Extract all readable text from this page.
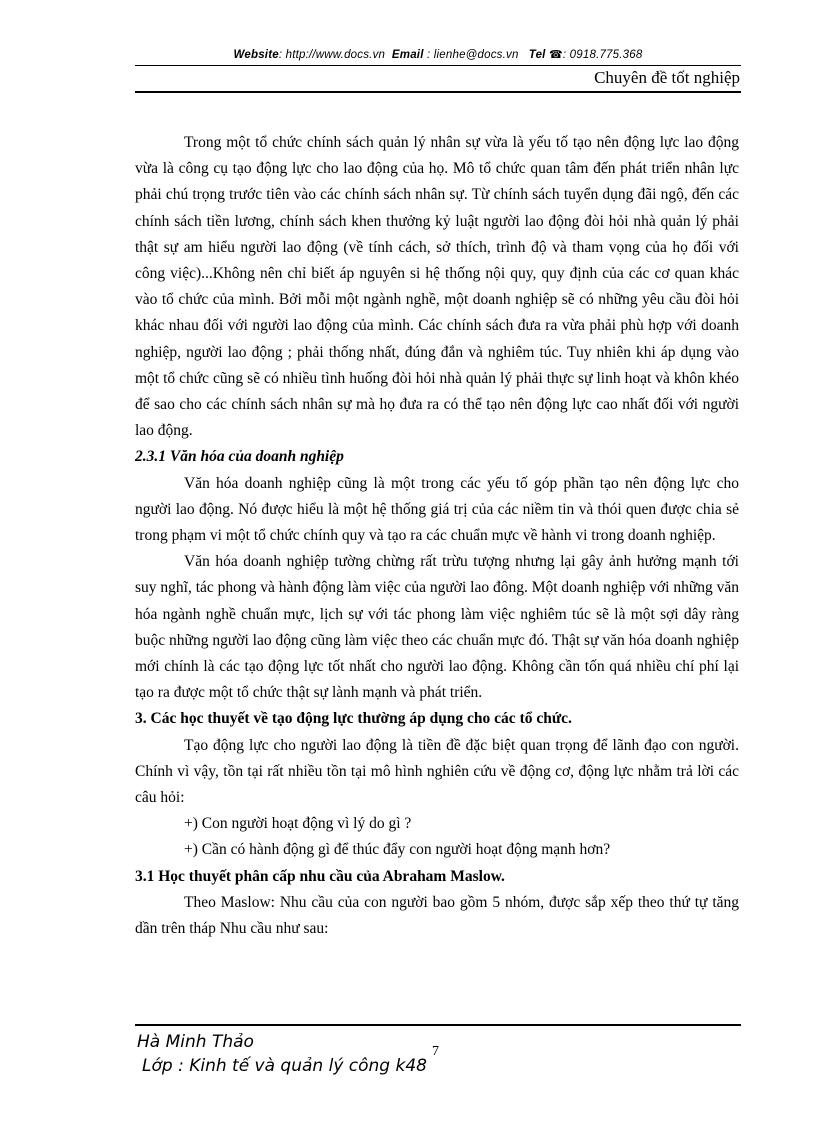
Website: http://www.docs.vn Email : lienhe@docs.vn Tel ☎: 0918.775.368
Chuyên đề tốt nghiệp

Trong một tổ chức chính sách quản lý nhân sự vừa là yếu tố tạo nên động lực lao động vừa là công cụ tạo động lực cho lao động của họ. Mô tổ chức quan tâm đến phát triển nhân lực phải chú trọng trước tiên vào các chính sách nhân sự. Từ chính sách tuyển dụng đãi ngộ, đến các chính sách tiền lương, chính sách khen thưởng kỷ luật người lao động đòi hỏi nhà quản lý phải thật sự am hiểu người lao động (về tính cách, sở thích, trình độ và tham vọng của họ đối với công việc)...Không nên chỉ biết áp nguyên si hệ thống nội quy, quy định của các cơ quan khác vào tổ chức của mình. Bởi mỗi một ngành nghề, một doanh nghiệp sẽ có những yêu cầu đòi hỏi khác nhau đối với người lao động của mình. Các chính sách đưa ra vừa phải phù hợp với doanh nghiệp, người lao động ; phải thống nhất, đúng đắn và nghiêm túc. Tuy nhiên khi áp dụng vào một tổ chức cũng sẽ có nhiều tình huống đòi hỏi nhà quản lý phải thực sự linh hoạt và khôn khéo để sao cho các chính sách nhân sự mà họ đưa ra có thể tạo nên động lực cao nhất đối với người lao động.

2.3.1 Văn hóa của doanh nghiệp

Văn hóa doanh nghiệp cũng là một trong các yếu tố góp phần tạo nên động lực cho người lao động. Nó được hiểu là một hệ thống giá trị của các niềm tin và thói quen được chia sẻ trong phạm vi một tổ chức chính quy và tạo ra các chuẩn mực về hành vi trong doanh nghiệp.

Văn hóa doanh nghiệp tường chừng rất trừu tượng nhưng lại gây ảnh hưởng mạnh tới suy nghĩ, tác phong và hành động làm việc của người lao đông. Một doanh nghiệp với những văn hóa ngành nghề chuẩn mực, lịch sự với tác phong làm việc nghiêm túc sẽ là một sợi dây ràng buộc những người lao động cũng làm việc theo các chuẩn mực đó. Thật sự văn hóa doanh nghiệp mới chính là các tạo động lực tốt nhất cho người lao động. Không cần tốn quá nhiều chí phí lại tạo ra được một tổ chức thật sự lành mạnh và phát triển.

3. Các học thuyết về tạo động lực thường áp dụng cho các tổ chức.

Tạo động lực cho người lao động là tiền đề đặc biệt quan trọng để lãnh đạo con người. Chính vì vậy, tồn tại rất nhiều tồn tại mô hình nghiên cứu về động cơ, động lực nhằm trả lời các câu hỏi:

+) Con người hoạt động vì lý do gì ?

+) Cần có hành động gì để thúc đẩy con người hoạt động mạnh hơn?

3.1 Học thuyết phân cấp nhu cầu của Abraham Maslow.

Theo Maslow: Nhu cầu của con người bao gồm 5 nhóm, được sắp xếp theo thứ tự tăng dần trên tháp Nhu cầu như sau:

Hà Minh Thảo
Lớp : Kinh tế và quản lý công k48
7
